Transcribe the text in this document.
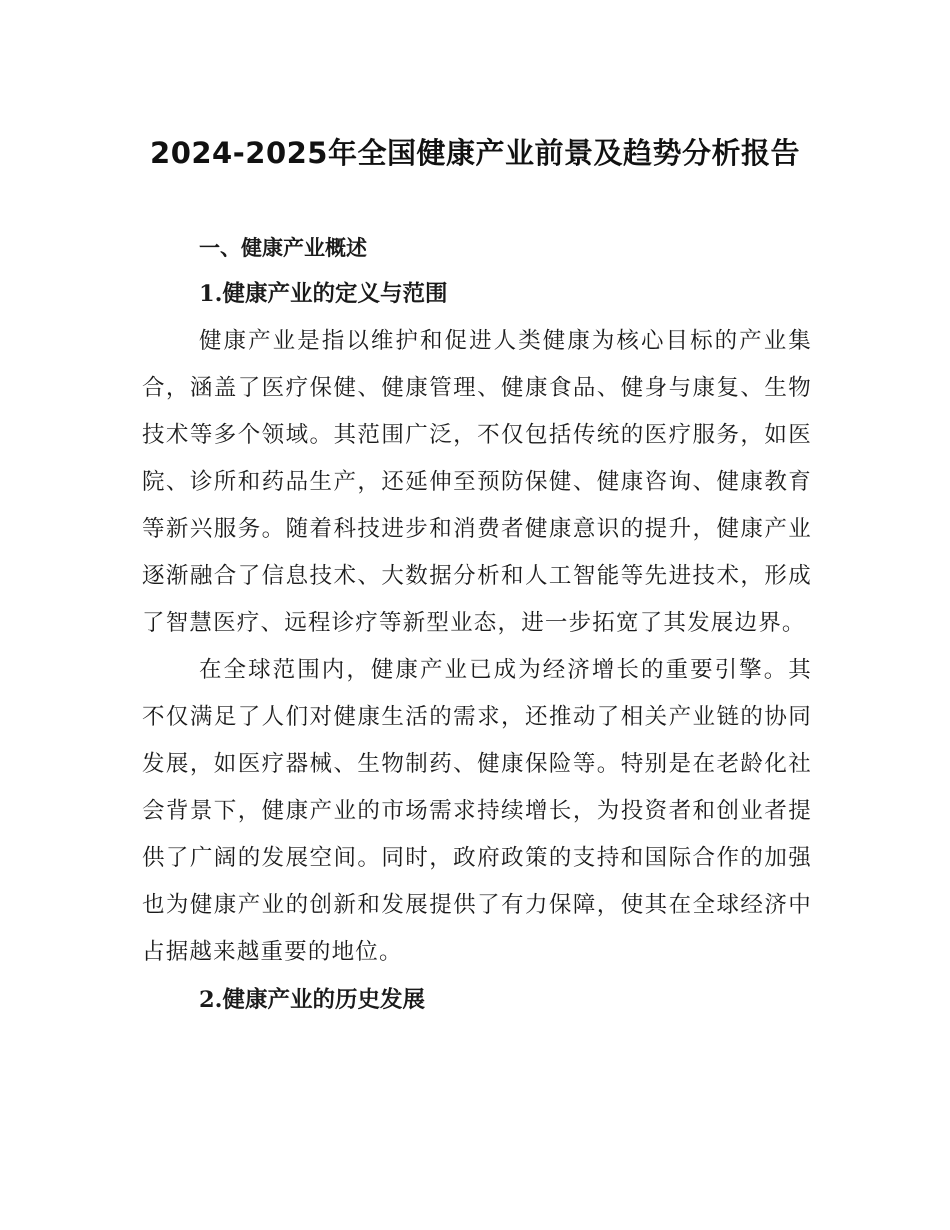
2024-2025年全国健康产业前景及趋势分析报告
一、健康产业概述
1.健康产业的定义与范围

健康产业是指以维护和促进人类健康为核心目标的产业集合，涵盖了医疗保健、健康管理、健康食品、健身与康复、生物技术等多个领域。其范围广泛，不仅包括传统的医疗服务，如医院、诊所和药品生产，还延伸至预防保健、健康咨询、健康教育等新兴服务。随着科技进步和消费者健康意识的提升，健康产业逐渐融合了信息技术、大数据分析和人工智能等先进技术，形成了智慧医疗、远程诊疗等新型业态，进一步拓宽了其发展边界。

在全球范围内，健康产业已成为经济增长的重要引擎。其不仅满足了人们对健康生活的需求，还推动了相关产业链的协同发展，如医疗器械、生物制药、健康保险等。特别是在老龄化社会背景下，健康产业的市场需求持续增长，为投资者和创业者提供了广阔的发展空间。同时，政府政策的支持和国际合作的加强也为健康产业的创新和发展提供了有力保障，使其在全球经济中占据越来越重要的地位。

2.健康产业的历史发展
